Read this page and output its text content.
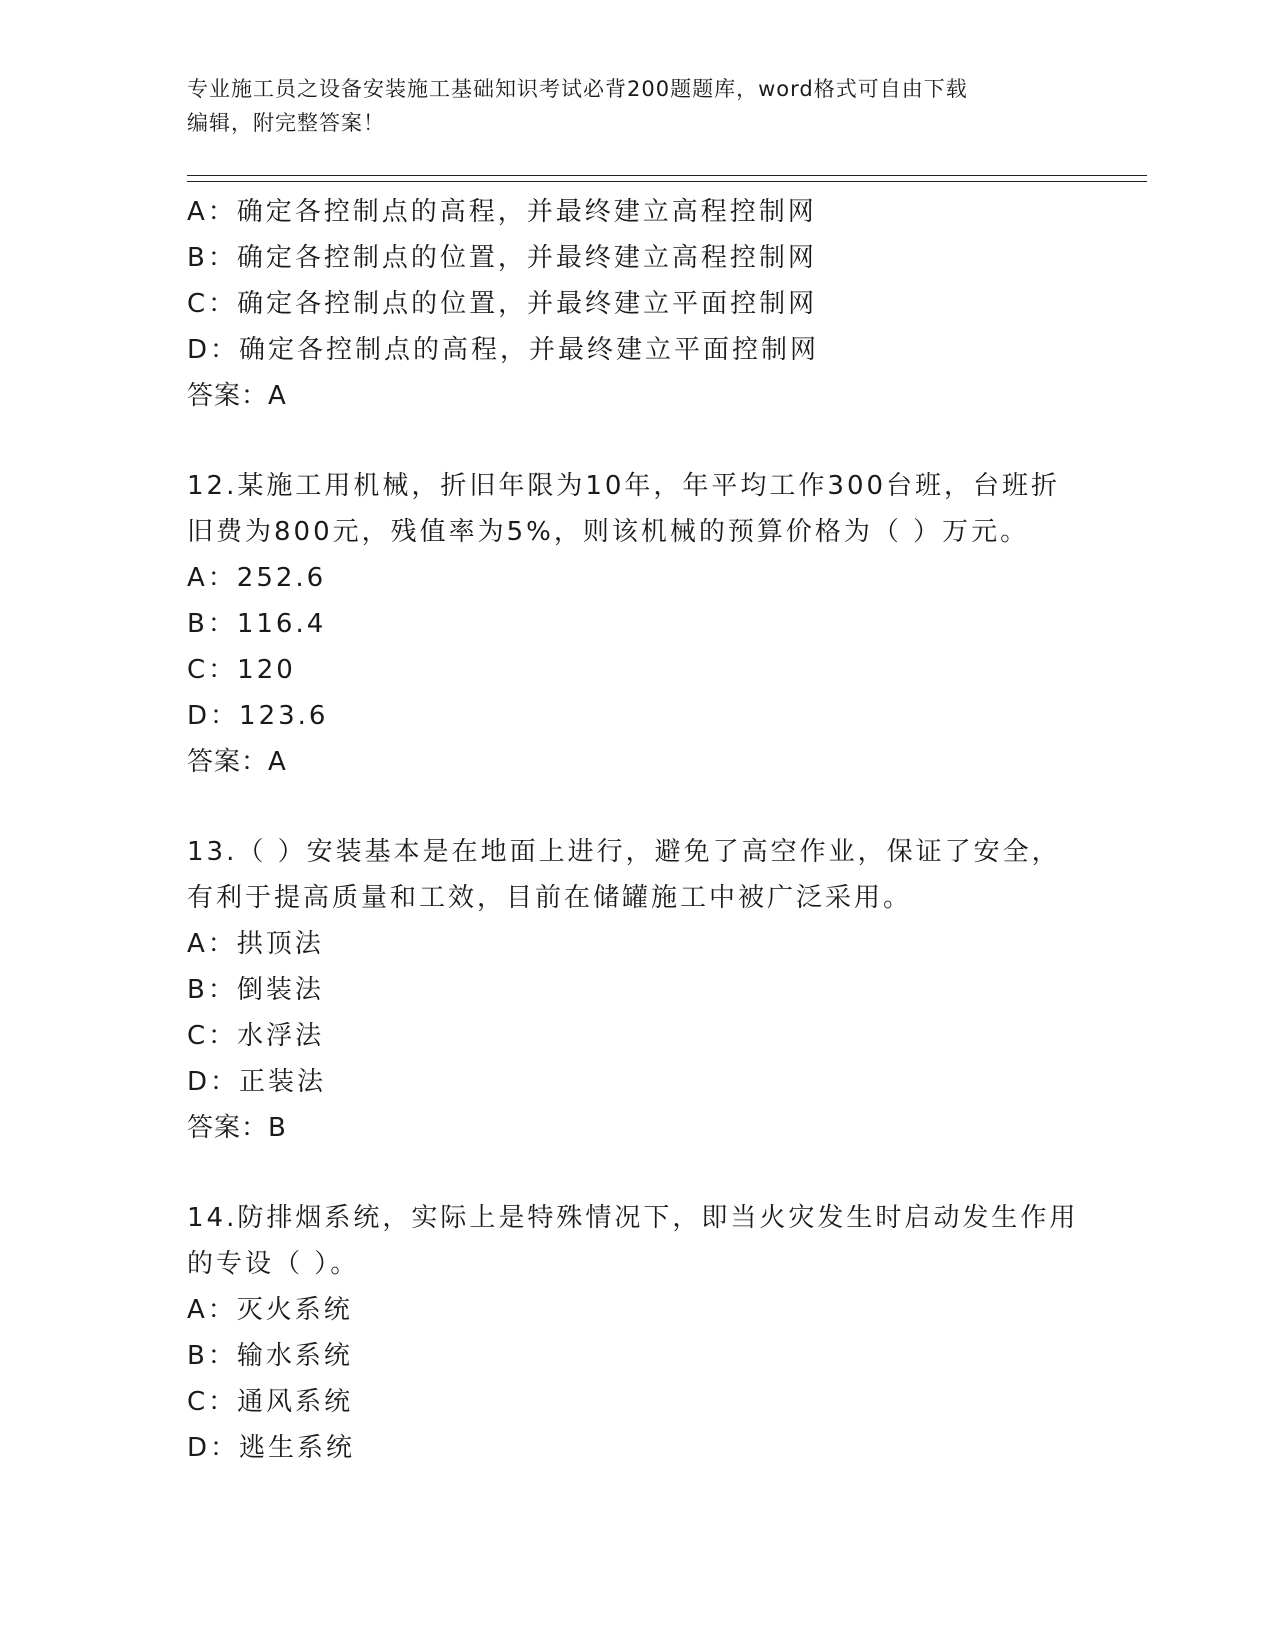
专业施工员之设备安装施工基础知识考试必背200题题库，word格式可自由下载
编辑，附完整答案！
A：确定各控制点的高程，并最终建立高程控制网
B：确定各控制点的位置，并最终建立高程控制网
C：确定各控制点的位置，并最终建立平面控制网
D：确定各控制点的高程，并最终建立平面控制网
答案：A
12.某施工用机械，折旧年限为10年，年平均工作300台班，台班折
旧费为800元，残值率为5%，则该机械的预算价格为（ ）万元。
A：252.6
B：116.4
C：120
D：123.6
答案：A
13.（ ）安装基本是在地面上进行，避免了高空作业，保证了安全，
有利于提高质量和工效，目前在储罐施工中被广泛采用。
A：拱顶法
B：倒装法
C：水浮法
D：正装法
答案：B
14.防排烟系统，实际上是特殊情况下，即当火灾发生时启动发生作用
的专设（ ）。
A：灭火系统
B：输水系统
C：通风系统
D：逃生系统
